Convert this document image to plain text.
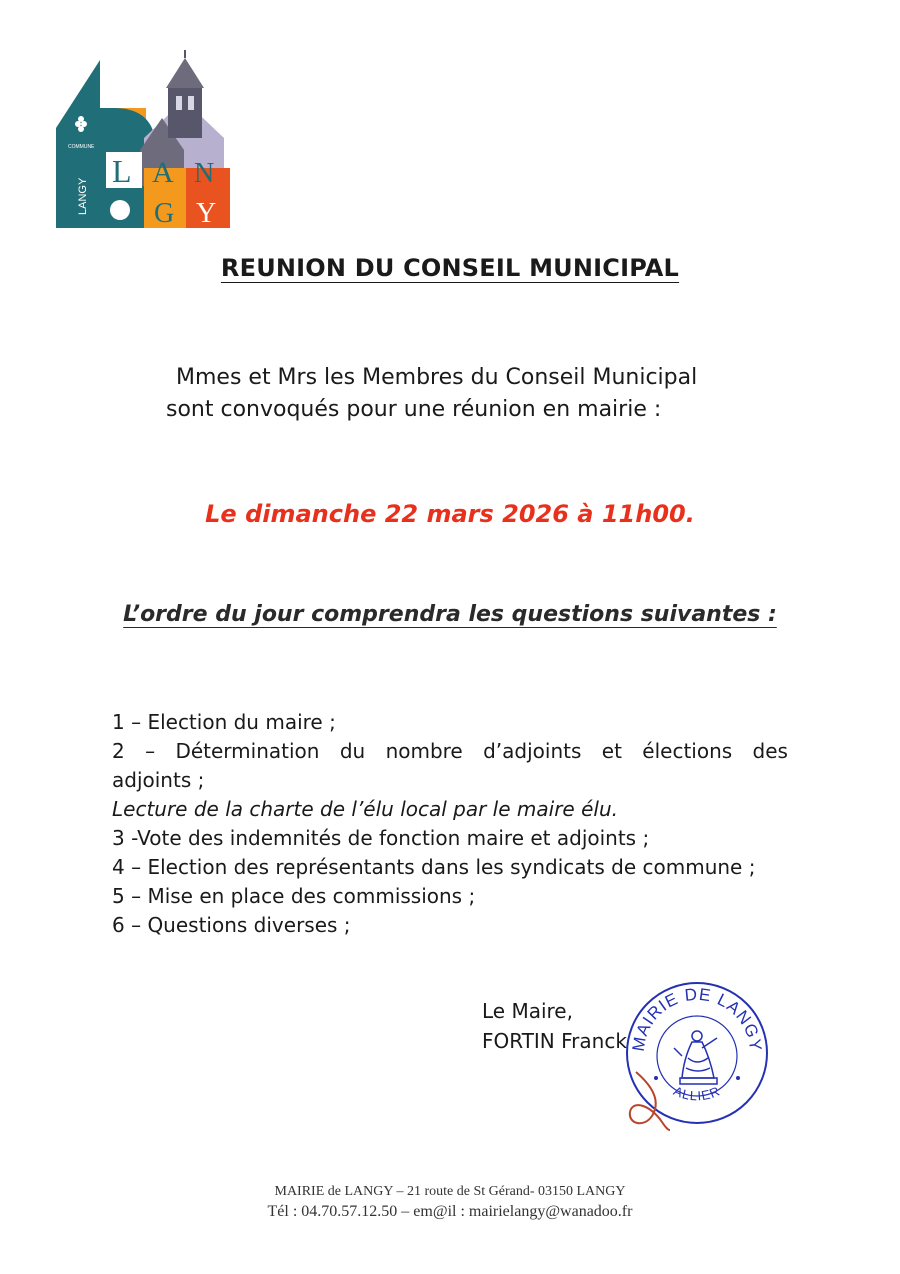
L A N
G Y
LANGY
COMMUNE
REUNION DU CONSEIL MUNICIPAL
Mmes et Mrs les Membres du Conseil Municipal
sont convoqués pour une réunion en mairie :
Le dimanche 22 mars 2026 à 11h00.
L’ordre du jour comprendra les questions suivantes :
1 – Election du maire ;
2 – Détermination du nombre d’adjoints et élections des
adjoints ;
Lecture de la charte de l’élu local par le maire élu.
3 -Vote des indemnités de fonction maire et adjoints ;
4 – Election des représentants dans les syndicats de commune ;
5 – Mise en place des commissions ;
6 – Questions diverses ;
Le Maire,
FORTIN Franck MAIRIE DE LANGY
ALLIER
MAIRIE de LANGY – 21 route de St Gérand- 03150 LANGY
Tél : 04.70.57.12.50 – em@il : mairielangy@wanadoo.fr
